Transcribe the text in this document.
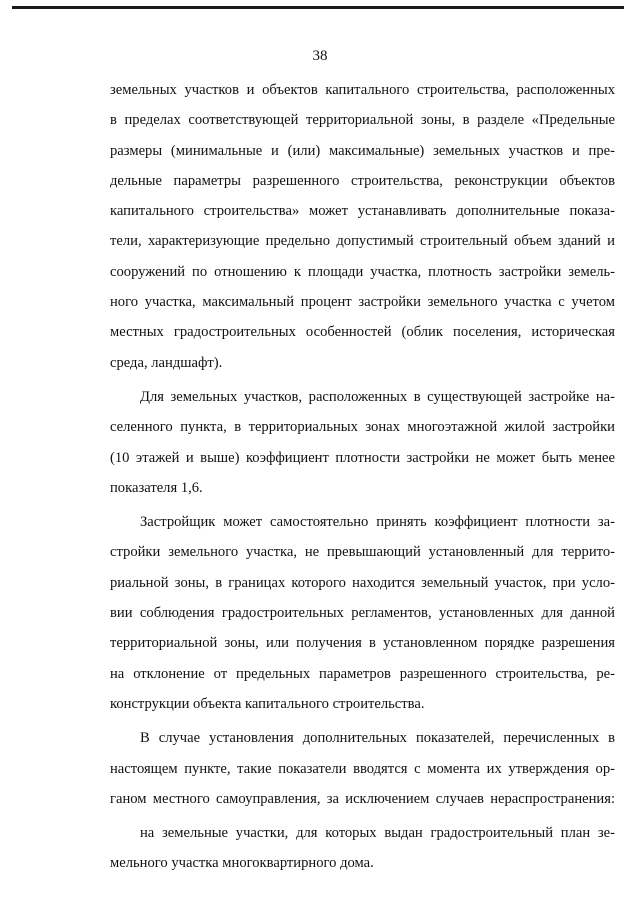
38
земельных участков и объектов капитального строительства, расположенных
в пределах соответствующей территориальной зоны, в разделе «Предельные
размеры (минимальные и (или) максимальные) земельных участков и пре-
дельные параметры разрешенного строительства, реконструкции объектов
капитального строительства» может устанавливать дополнительные показа-
тели, характеризующие предельно допустимый строительный объем зданий и
сооружений по отношению к площади участка, плотность застройки земель-
ного участка, максимальный процент застройки земельного участка с учетом
местных градостроительных особенностей (облик поселения, историческая
среда, ландшафт).
Для земельных участков, расположенных в существующей застройке на-
селенного пункта, в территориальных зонах многоэтажной жилой застройки
(10 этажей и выше) коэффициент плотности застройки не может быть менее
показателя 1,6.
Застройщик может самостоятельно принять коэффициент плотности за-
стройки земельного участка, не превышающий установленный для террито-
риальной зоны, в границах которого находится земельный участок, при усло-
вии соблюдения градостроительных регламентов, установленных для данной
территориальной зоны, или получения в установленном порядке разрешения
на отклонение от предельных параметров разрешенного строительства, ре-
конструкции объекта капитального строительства.
В случае установления дополнительных показателей, перечисленных в
настоящем пункте, такие показатели вводятся с момента их утверждения ор-
ганом местного самоуправления, за исключением случаев нераспространения:
на земельные участки, для которых выдан градостроительный план зе-
мельного участка многоквартирного дома.
